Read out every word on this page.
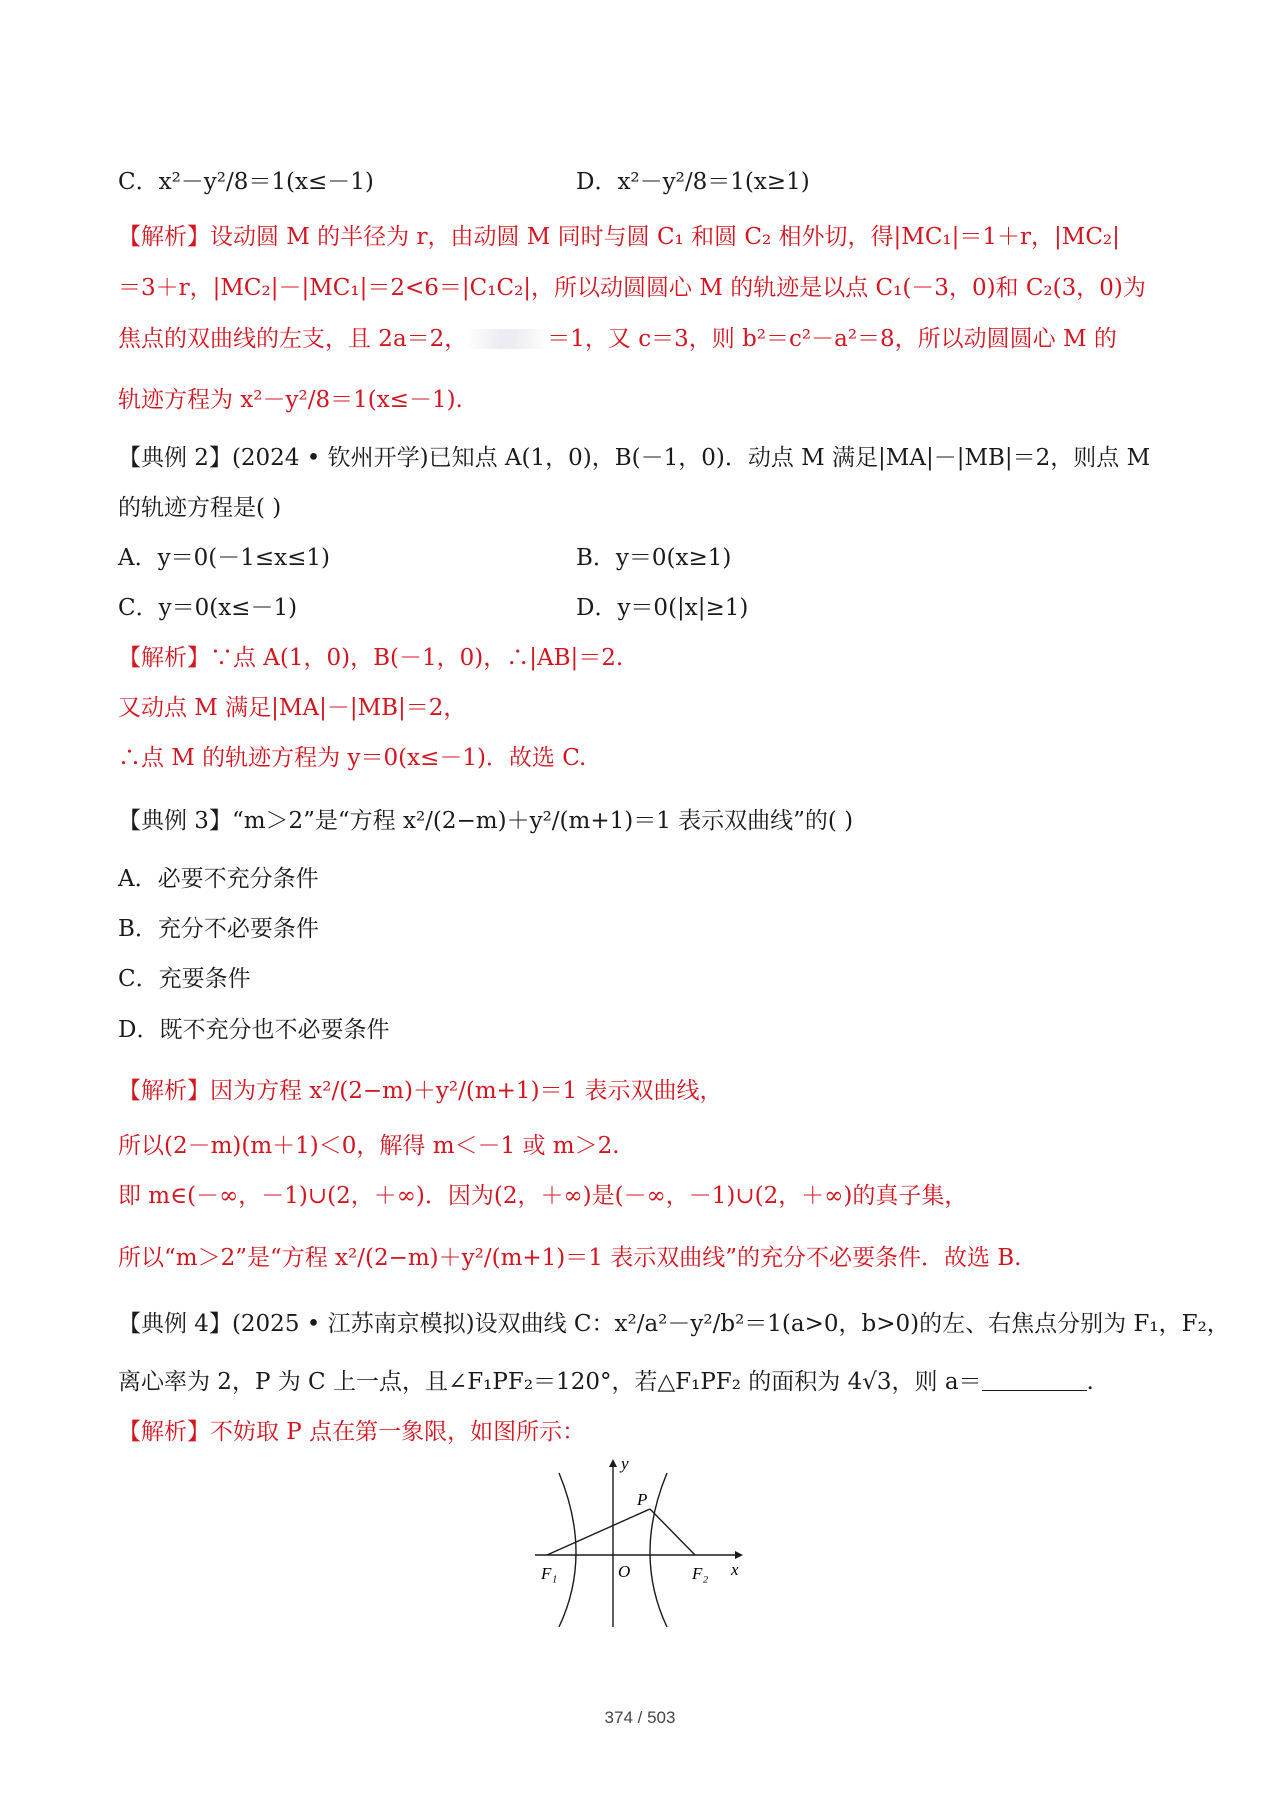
C．x²－y²/8＝1(x≤－1)	D．x²－y²/8＝1(x≥1)
【解析】设动圆 M 的半径为 r，由动圆 M 同时与圆 C₁ 和圆 C₂ 相外切，得|MC₁|＝1＋r，|MC₂|
＝3＋r，|MC₂|－|MC₁|＝2<6＝|C₁C₂|，所以动圆圆心 M 的轨迹是以点 C₁(－3，0)和 C₂(3，0)为
焦点的双曲线的左支，且 2a＝2，	＝1，又 c＝3，则 b²＝c²－a²＝8，所以动圆圆心 M 的
轨迹方程为 x²－y²/8＝1(x≤－1).
【典例 2】(2024 • 钦州开学)已知点 A(1，0)，B(－1，0)．动点 M 满足|MA|－|MB|＝2，则点 M
的轨迹方程是( )
A．y＝0(－1≤x≤1)	B．y＝0(x≥1)
C．y＝0(x≤－1)	D．y＝0(|x|≥1)
【解析】∵点 A(1，0)，B(－1，0)，∴|AB|＝2.
又动点 M 满足|MA|－|MB|＝2，
∴点 M 的轨迹方程为 y＝0(x≤－1)．故选 C.
【典例 3】“m＞2”是“方程 x²/(2−m)＋y²/(m+1)＝1 表示双曲线”的( )
A．必要不充分条件
B．充分不必要条件
C．充要条件
D．既不充分也不必要条件
【解析】因为方程 x²/(2−m)＋y²/(m+1)＝1 表示双曲线，
所以(2－m)(m＋1)＜0，解得 m＜－1 或 m＞2.
即 m∈(－∞，－1)∪(2，＋∞)．因为(2，＋∞)是(－∞，－1)∪(2，＋∞)的真子集，
所以“m＞2”是“方程 x²/(2−m)＋y²/(m+1)＝1 表示双曲线”的充分不必要条件．故选 B.
【典例 4】(2025 • 江苏南京模拟)设双曲线 C：x²/a²－y²/b²＝1(a>0，b>0)的左、右焦点分别为 F₁，F₂，
离心率为 2，P 为 C 上一点，且∠F₁PF₂＝120°，若△F₁PF₂ 的面积为 4√3，则 a＝	.
【解析】不妨取 P 点在第一象限，如图所示：
y
x
P
O
F₁	F₂
374 / 503
